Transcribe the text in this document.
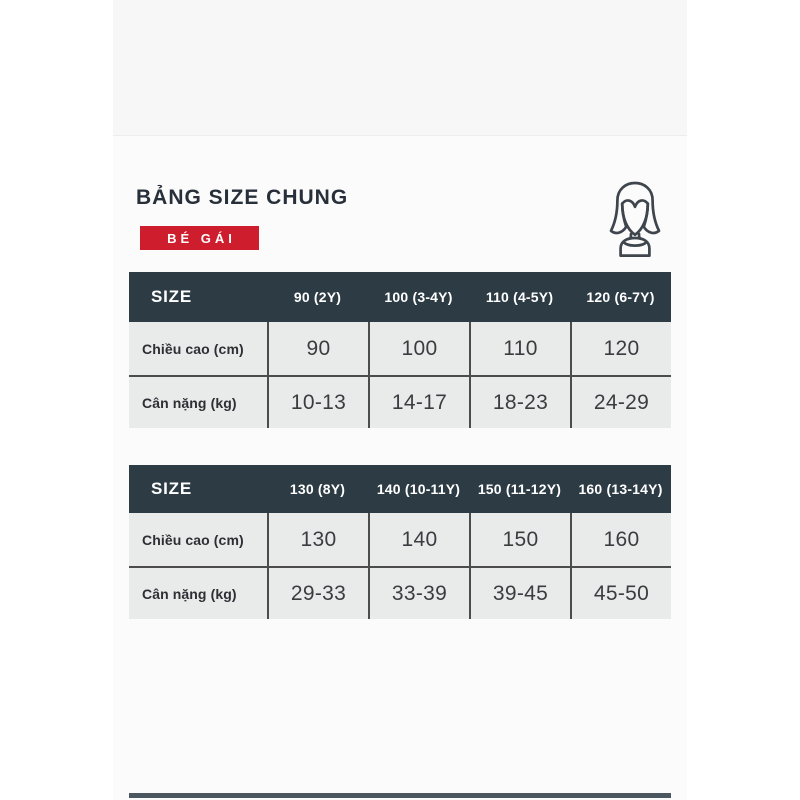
BẢNG SIZE CHUNG
BÉ GÁI
SIZE	90 (2Y)	100 (3-4Y)	110 (4-5Y)	120 (6-7Y)
Chiều cao (cm)	90	100	110	120
Cân nặng (kg)	10-13	14-17	18-23	24-29
SIZE	130 (8Y)	140 (10-11Y)	150 (11-12Y)	160 (13-14Y)
Chiều cao (cm)	130	140	150	160
Cân nặng (kg)	29-33	33-39	39-45	45-50
